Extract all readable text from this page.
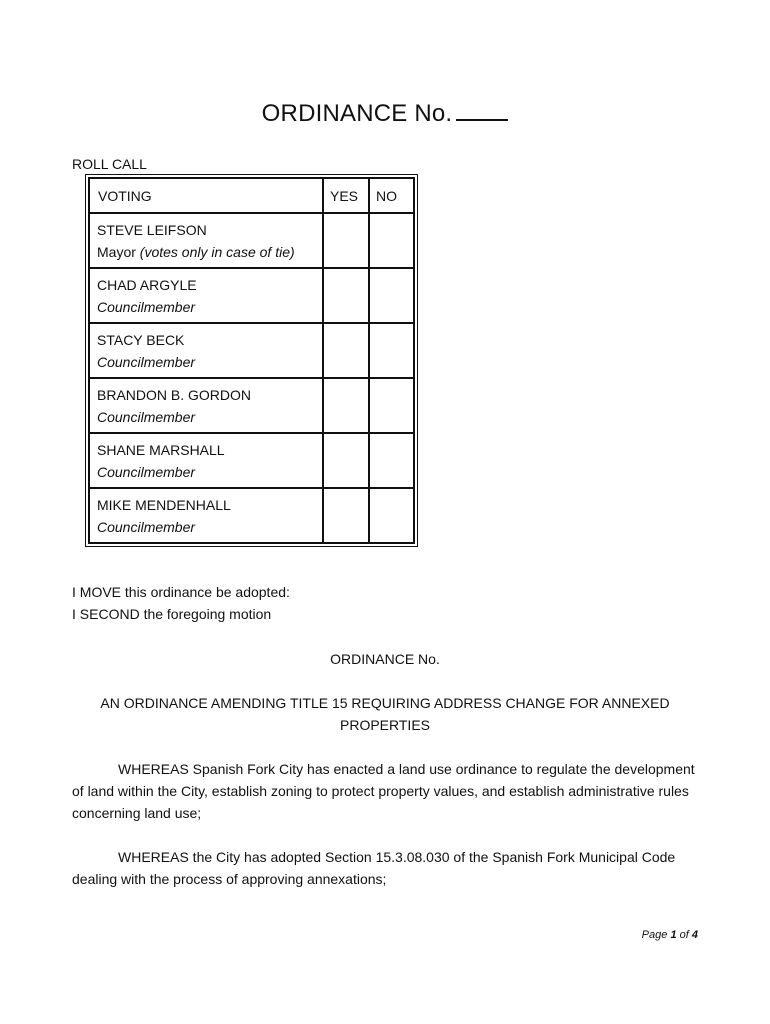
ORDINANCE No.
ROLL CALL
VOTING	YES	NO

STEVE LEIFSON
Mayor (votes only in case of tie)		

CHAD ARGYLE
Councilmember		

STACY BECK
Councilmember		

BRANDON B. GORDON
Councilmember		

SHANE MARSHALL
Councilmember		

MIKE MENDENHALL
Councilmember		

I MOVE this ordinance be adopted:
I SECOND the foregoing motion
ORDINANCE No.
AN ORDINANCE AMENDING TITLE 15 REQUIRING ADDRESS CHANGE FOR ANNEXED PROPERTIES
WHEREAS Spanish Fork City has enacted a land use ordinance to regulate the development of land within the City, establish zoning to protect property values, and establish administrative rules concerning land use;
WHEREAS the City has adopted Section 15.3.08.030 of the Spanish Fork Municipal Code dealing with the process of approving annexations;
Page 1 of 4
